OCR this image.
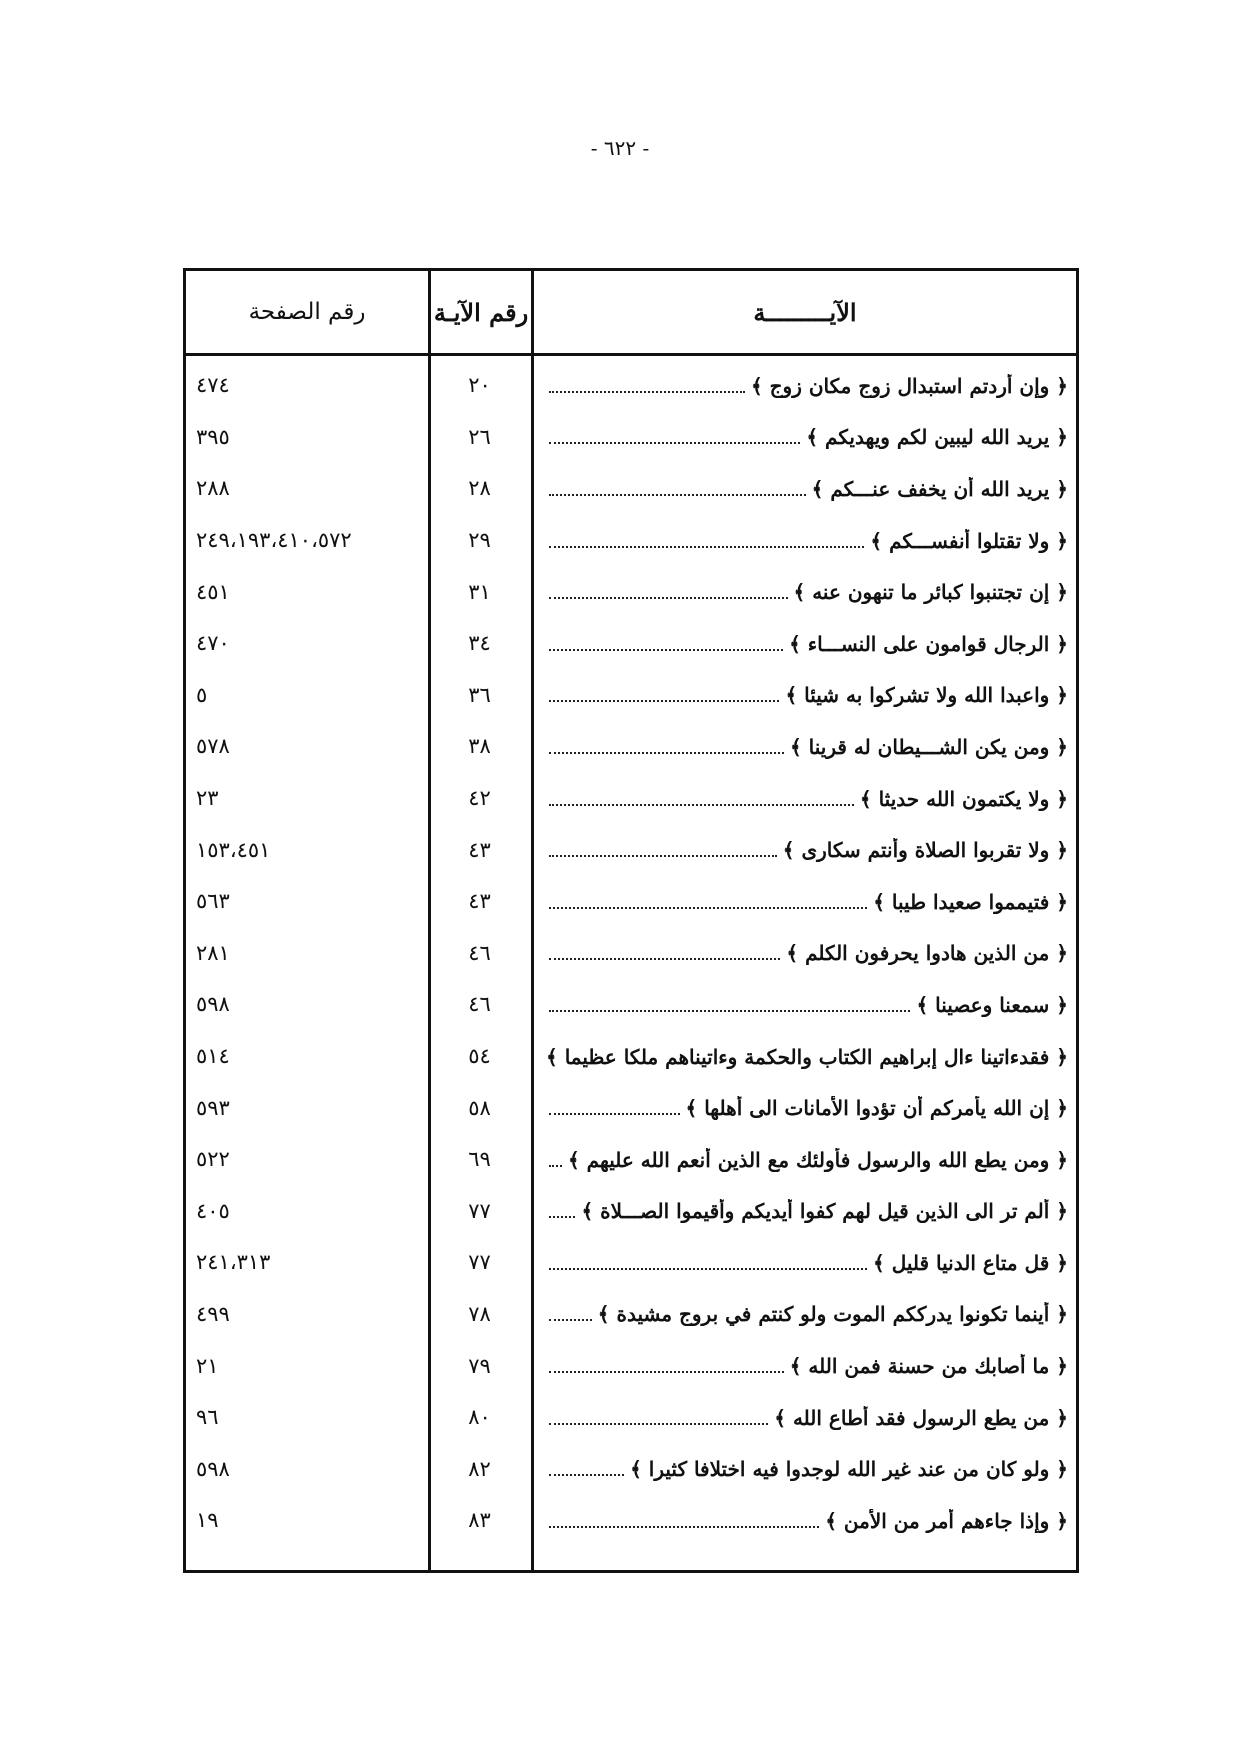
- ٦٢٢ -
الآيـــــــــة
رقم الآيـة
رقم الصفحة
﴿ وإن أردتم استبدال زوج مكان زوج ﴾
٢٠
٤٧٤
﴿ يريد الله ليبين لكم ويهديكم ﴾
٢٦
٣٩٥
﴿ يريد الله أن يخفف عنـــكم ﴾
٢٨
٢٨٨
﴿ ولا تقتلوا أنفســـكم ﴾
٢٩
٢٤٩،١٩٣،٤١٠،٥٧٢
﴿ إن تجتنبوا كبائر ما تنهون عنه ﴾
٣١
٤٥١
﴿ الرجال قوامون على النســـاء ﴾
٣٤
٤٧٠
﴿ واعبدا الله ولا تشركوا به شيئا ﴾
٣٦
٥
﴿ ومن يكن الشـــيطان له قرينا ﴾
٣٨
٥٧٨
﴿ ولا يكتمون الله حديثا ﴾
٤٢
٢٣
﴿ ولا تقربوا الصلاة وأنتم سكارى ﴾
٤٣
١٥٣،٤٥١
﴿ فتيمموا صعيدا طيبا ﴾
٤٣
٥٦٣
﴿ من الذين هادوا يحرفون الكلم ﴾
٤٦
٢٨١
﴿ سمعنا وعصينا ﴾
٤٦
٥٩٨
﴿ فقدءاتينا ءال إبراهيم الكتاب والحكمة وءاتيناهم ملكا عظيما ﴾
٥٤
٥١٤
﴿ إن الله يأمركم أن تؤدوا الأمانات الى أهلها ﴾
٥٨
٥٩٣
﴿ ومن يطع الله والرسول فأولئك مع الذين أنعم الله عليهم ﴾
٦٩
٥٢٢
﴿ ألم تر الى الذين قيل لهم كفوا أيديكم وأقيموا الصـــلاة ﴾
٧٧
٤٠٥
﴿ قل متاع الدنيا قليل ﴾
٧٧
٢٤١،٣١٣
﴿ أينما تكونوا يدرككم الموت ولو كنتم في بروج مشيدة ﴾
٧٨
٤٩٩
﴿ ما أصابك من حسنة فمن الله ﴾
٧٩
٢١
﴿ من يطع الرسول فقد أطاع الله ﴾
٨٠
٩٦
﴿ ولو كان من عند غير الله لوجدوا فيه اختلافا كثيرا ﴾
٨٢
٥٩٨
﴿ وإذا جاءهم أمر من الأمن ﴾
٨٣
١٩
